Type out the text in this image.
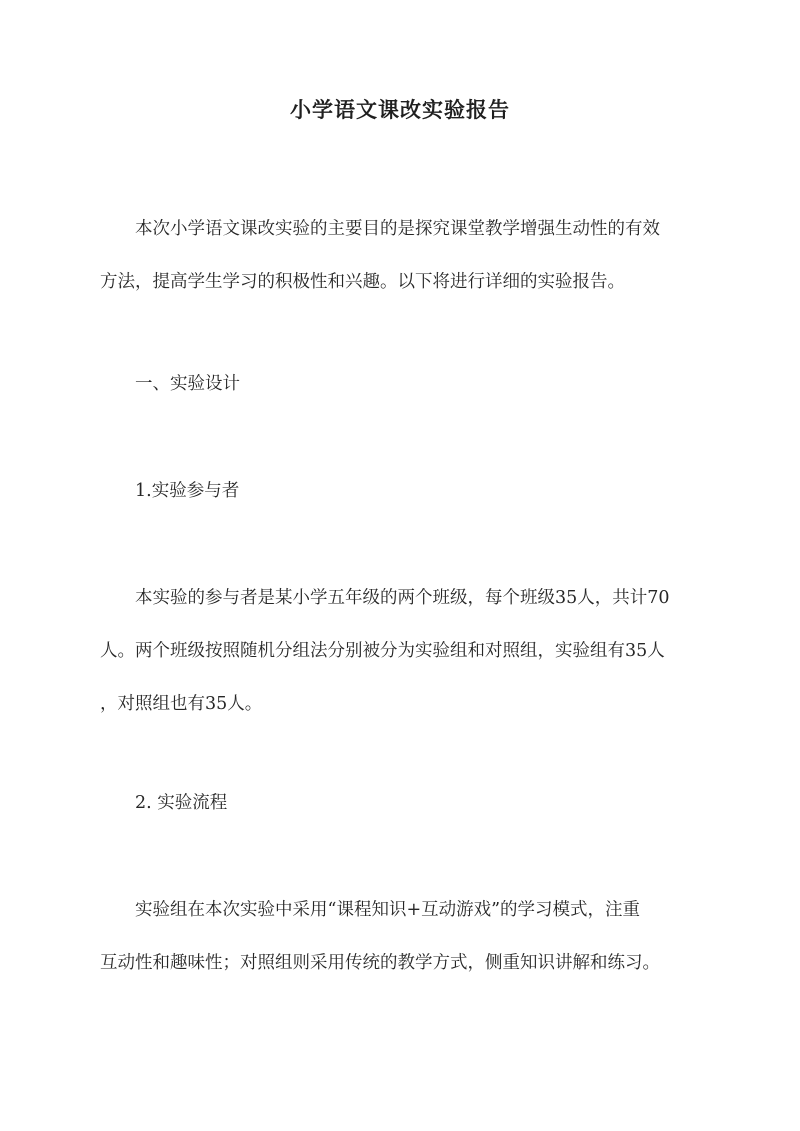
小学语文课改实验报告
本次小学语文课改实验的主要目的是探究课堂教学增强生动性的有效
方法，提高学生学习的积极性和兴趣。以下将进行详细的实验报告。
一、实验设计
1.实验参与者
本实验的参与者是某小学五年级的两个班级，每个班级35人，共计70
人。两个班级按照随机分组法分别被分为实验组和对照组，实验组有35人
，对照组也有35人。
2. 实验流程
实验组在本次实验中采用“课程知识+互动游戏”的学习模式，注重
互动性和趣味性；对照组则采用传统的教学方式，侧重知识讲解和练习。
